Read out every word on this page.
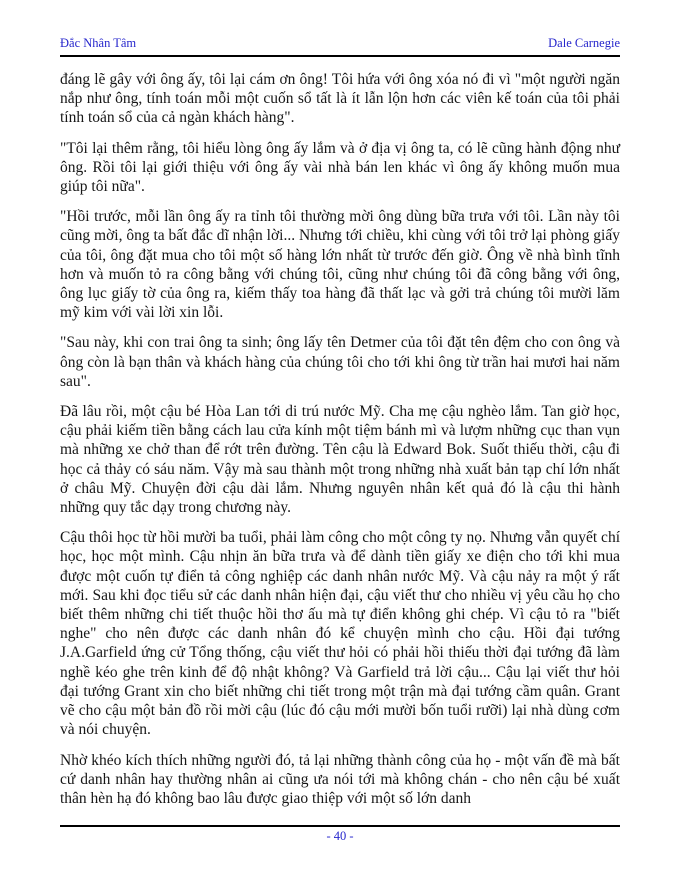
Đắc Nhân Tâm	Dale Carnegie

đáng lẽ gây với ông ấy, tôi lại cám ơn ông! Tôi hứa với ông xóa nó đi vì "một người ngăn nắp như ông, tính toán mỗi một cuốn sổ tất là ít lẫn lộn hơn các viên kế toán của tôi phải tính toán sổ của cả ngàn khách hàng".

"Tôi lại thêm rằng, tôi hiểu lòng ông ấy lắm và ở địa vị ông ta, có lẽ cũng hành động như ông. Rồi tôi lại giới thiệu với ông ấy vài nhà bán len khác vì ông ấy không muốn mua giúp tôi nữa".

"Hồi trước, mỗi lần ông ấy ra tỉnh tôi thường mời ông dùng bữa trưa với tôi. Lần này tôi cũng mời, ông ta bất đắc dĩ nhận lời... Nhưng tới chiều, khi cùng với tôi trở lại phòng giấy của tôi, ông đặt mua cho tôi một số hàng lớn nhất từ trước đến giờ. Ông về nhà bình tĩnh hơn và muốn tỏ ra công bằng với chúng tôi, cũng như chúng tôi đã công bằng với ông, ông lục giấy tờ của ông ra, kiếm thấy toa hàng đã thất lạc và gởi trả chúng tôi mười lăm mỹ kim với vài lời xin lỗi.

"Sau này, khi con trai ông ta sinh; ông lấy tên Detmer của tôi đặt tên đệm cho con ông và ông còn là bạn thân và khách hàng của chúng tôi cho tới khi ông từ trần hai mươi hai năm sau".

Đã lâu rồi, một cậu bé Hòa Lan tới di trú nước Mỹ. Cha mẹ cậu nghèo lắm. Tan giờ học, cậu phải kiếm tiền bằng cách lau cửa kính một tiệm bánh mì và lượm những cục than vụn mà những xe chở than để rớt trên đường. Tên cậu là Edward Bok. Suốt thiếu thời, cậu đi học cả thảy có sáu năm. Vậy mà sau thành một trong những nhà xuất bản tạp chí lớn nhất ở châu Mỹ. Chuyện đời cậu dài lắm. Nhưng nguyên nhân kết quả đó là cậu thi hành những quy tắc dạy trong chương này.

Cậu thôi học từ hồi mười ba tuổi, phải làm công cho một công ty nọ. Nhưng vẫn quyết chí học, học một mình. Cậu nhịn ăn bữa trưa và để dành tiền giấy xe điện cho tới khi mua được một cuốn tự điển tả công nghiệp các danh nhân nước Mỹ. Và cậu nảy ra một ý rất mới. Sau khi đọc tiểu sử các danh nhân hiện đại, cậu viết thư cho nhiều vị yêu cầu họ cho biết thêm những chi tiết thuộc hồi thơ ấu mà tự điển không ghi chép. Vì cậu tỏ ra "biết nghe" cho nên được các danh nhân đó kể chuyện mình cho cậu. Hồi đại tướng J.A.Garfield ứng cử Tổng thống, cậu viết thư hỏi có phải hồi thiếu thời đại tướng đã làm nghề kéo ghe trên kinh để độ nhật không? Và Garfield trả lời cậu... Cậu lại viết thư hỏi đại tướng Grant xin cho biết những chi tiết trong một trận mà đại tướng cầm quân. Grant vẽ cho cậu một bản đồ rồi mời cậu (lúc đó cậu mới mười bốn tuổi rưỡi) lại nhà dùng cơm và nói chuyện.

Nhờ khéo kích thích những người đó, tả lại những thành công của họ - một vấn đề mà bất cứ danh nhân hay thường nhân ai cũng ưa nói tới mà không chán - cho nên cậu bé xuất thân hèn hạ đó không bao lâu được giao thiệp với một số lớn danh

- 40 -
